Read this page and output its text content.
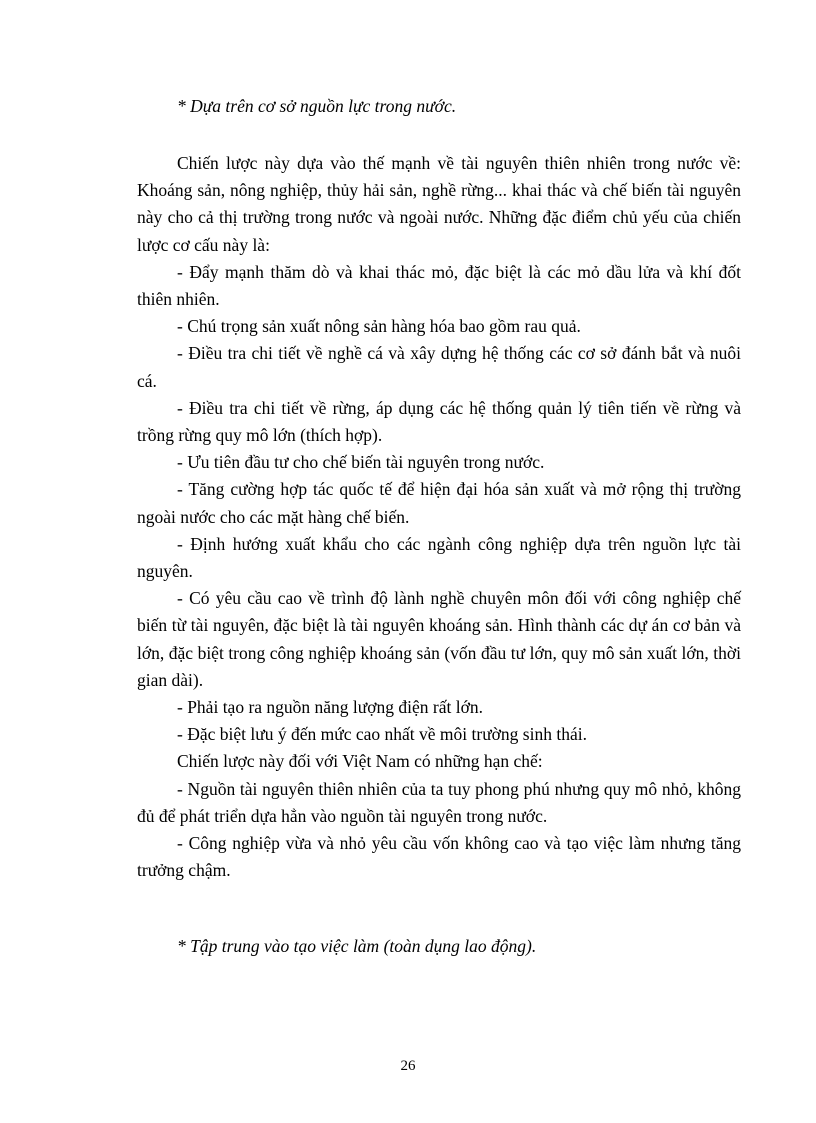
* Dựa trên cơ sở nguồn lực trong nước.

Chiến lược này dựa vào thế mạnh về tài nguyên thiên nhiên trong nước về: Khoáng sản, nông nghiệp, thủy hải sản, nghề rừng... khai thác và chế biến tài nguyên này cho cả thị trường trong nước và ngoài nước. Những đặc điểm chủ yếu của chiến lược cơ cấu này là:

- Đẩy mạnh thăm dò và khai thác mỏ, đặc biệt là các mỏ dầu lửa và khí đốt thiên nhiên.

- Chú trọng sản xuất nông sản hàng hóa bao gồm rau quả.

- Điều tra chi tiết về nghề cá và xây dựng hệ thống các cơ sở đánh bắt và nuôi cá.

- Điều tra chi tiết về rừng, áp dụng các hệ thống quản lý tiên tiến về rừng và trồng rừng quy mô lớn (thích hợp).

- Ưu tiên đầu tư cho chế biến tài nguyên trong nước.

- Tăng cường hợp tác quốc tế để hiện đại hóa sản xuất và mở rộng thị trường ngoài nước cho các mặt hàng chế biến.

- Định hướng xuất khẩu cho các ngành công nghiệp dựa trên nguồn lực tài nguyên.

- Có yêu cầu cao về trình độ lành nghề chuyên môn đối với công nghiệp chế biến từ tài nguyên, đặc biệt là tài nguyên khoáng sản. Hình thành các dự án cơ bản và lớn, đặc biệt trong công nghiệp khoáng sản (vốn đầu tư lớn, quy mô sản xuất lớn, thời gian dài).

- Phải tạo ra nguồn năng lượng điện rất lớn.

- Đặc biệt lưu ý đến mức cao nhất về môi trường sinh thái.

Chiến lược này đối với Việt Nam có những hạn chế:

- Nguồn tài nguyên thiên nhiên của ta tuy phong phú nhưng quy mô nhỏ, không đủ để phát triển dựa hẳn vào nguồn tài nguyên trong nước.

- Công nghiệp vừa và nhỏ yêu cầu vốn không cao và tạo việc làm nhưng tăng trưởng chậm.

* Tập trung vào tạo việc làm (toàn dụng lao động).
26
